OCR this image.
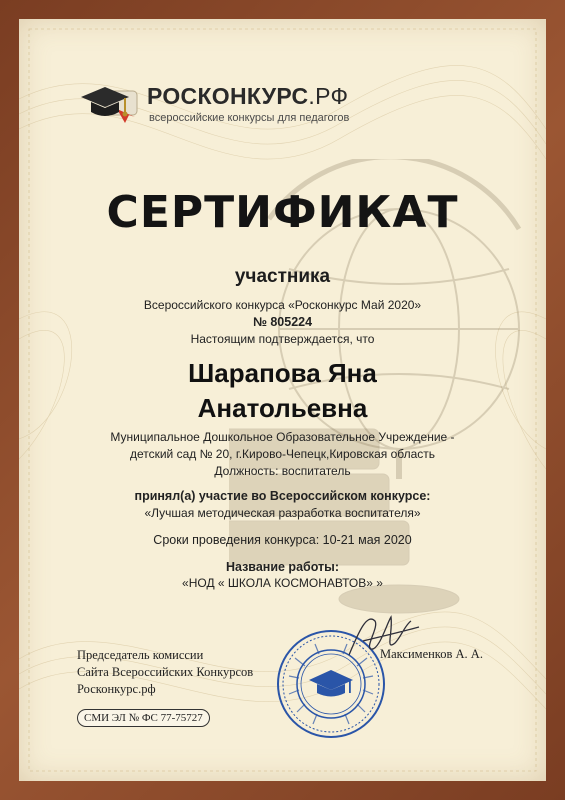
РОСКОНКУРС.РФ
всероссийские конкурсы для педагогов
СЕРТИФИКАТ
участника
Всероссийского конкурса «Росконкурс Май 2020»
№ 805224
Настоящим подтверждается, что
Шарапова Яна
Анатольевна
Муниципальное Дошкольное Образовательное Учреждение -
детский сад № 20, г.Кирово-Чепецк,Кировская область
Должность: воспитатель
принял(а) участие во Всероссийском конкурсе:
«Лучшая методическая разработка воспитателя»
Сроки проведения конкурса: 10-21 мая 2020
Название работы:
«НОД « ШКОЛА КОСМОНАВТОВ» »
Председатель комиссии
Сайта Всероссийских Конкурсов
Росконкурс.рф
Максименков А. А.
СМИ ЭЛ № ФС 77-75727
